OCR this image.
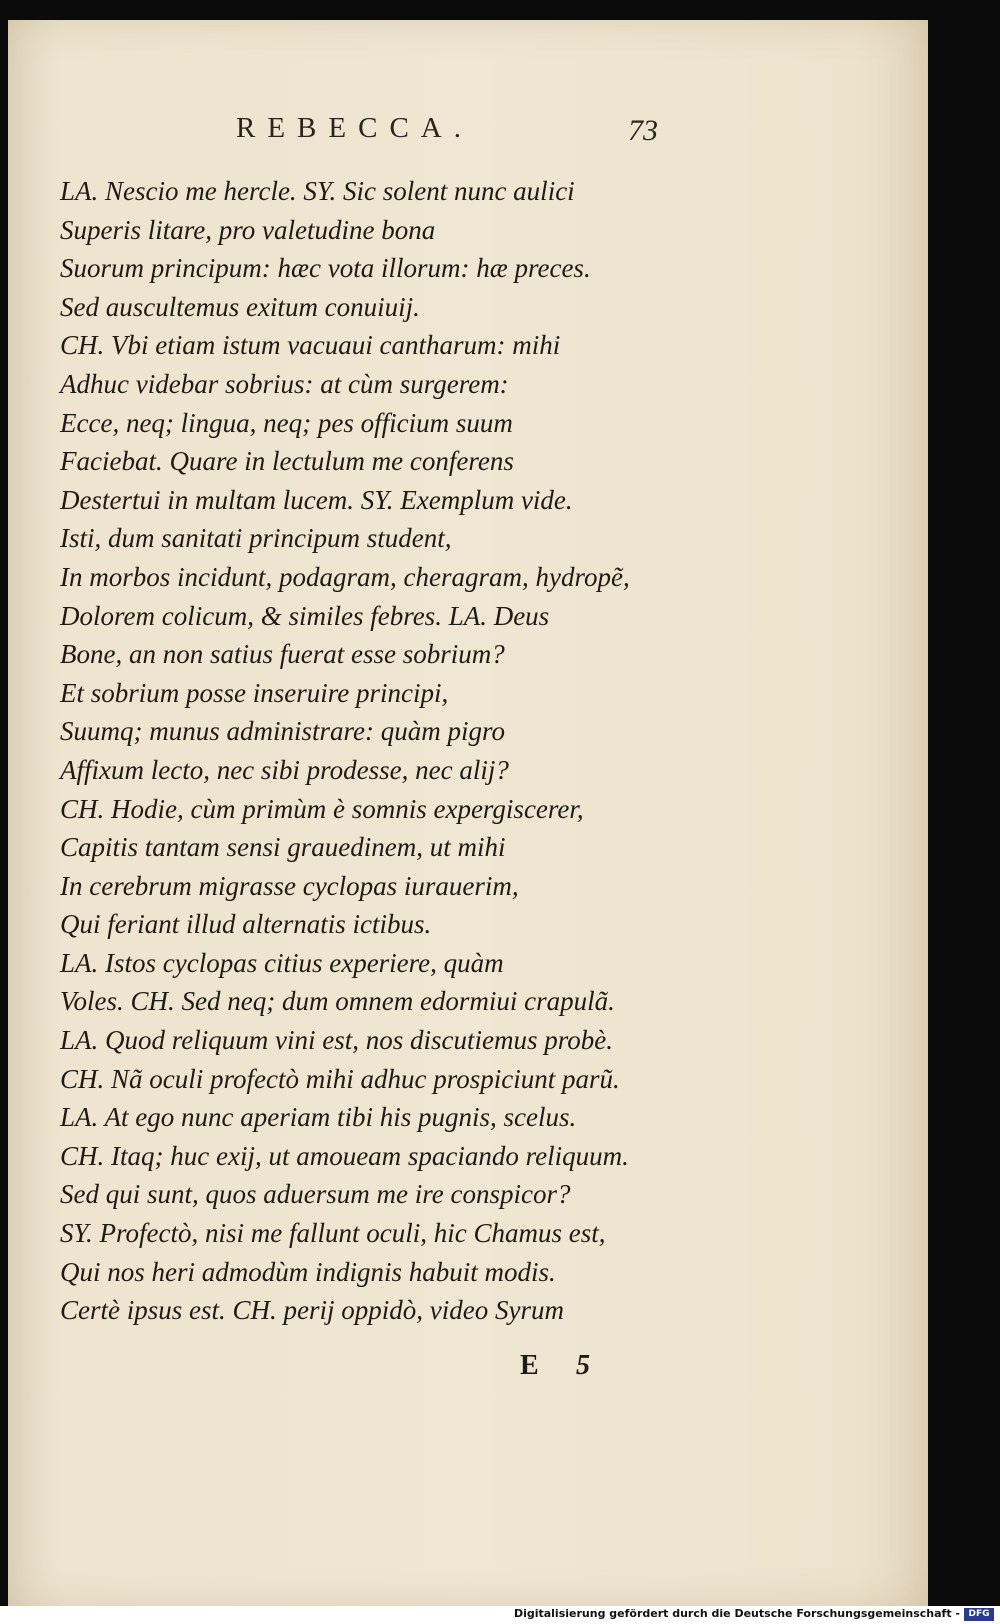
REBECCA.	73
LA. Nescio me hercle. SY. Sic solent nunc aulici
Superis litare, pro valetudine bona
Suorum principum: hæc vota illorum: hæ preces.
Sed auscultemus exitum conuiuij.
CH. Vbi etiam istum vacuaui cantharum: mihi
Adhuc videbar sobrius: at cùm surgerem:
Ecce, neq; lingua, neq; pes officium suum
Faciebat. Quare in lectulum me conferens
Destertui in multam lucem. SY. Exemplum vide.
Isti, dum sanitati principum student,
In morbos incidunt, podagram, cheragram, hydropẽ,
Dolorem colicum, & similes febres. LA. Deus
Bone, an non satius fuerat esse sobrium?
Et sobrium posse inseruire principi,
Suumq; munus administrare: quàm pigro
Affixum lecto, nec sibi prodesse, nec alij?
CH. Hodie, cùm primùm è somnis expergiscerer,
Capitis tantam sensi grauedinem, ut mihi
In cerebrum migrasse cyclopas iurauerim,
Qui feriant illud alternatis ictibus.
LA. Istos cyclopas citius experiere, quàm
Voles. CH. Sed neq; dum omnem edormiui crapulã.
LA. Quod reliquum vini est, nos discutiemus probè.
CH. Nã oculi profectò mihi adhuc prospiciunt parũ.
LA. At ego nunc aperiam tibi his pugnis, scelus.
CH. Itaq; huc exij, ut amoueam spaciando reliquum.
Sed qui sunt, quos aduersum me ire conspicor?
SY. Profectò, nisi me fallunt oculi, hic Chamus est,
Qui nos heri admodùm indignis habuit modis.
Certè ipsus est. CH. perij oppidò, video Syrum
E 5
Digitalisierung gefördert durch die Deutsche Forschungsgemeinschaft - DFG
